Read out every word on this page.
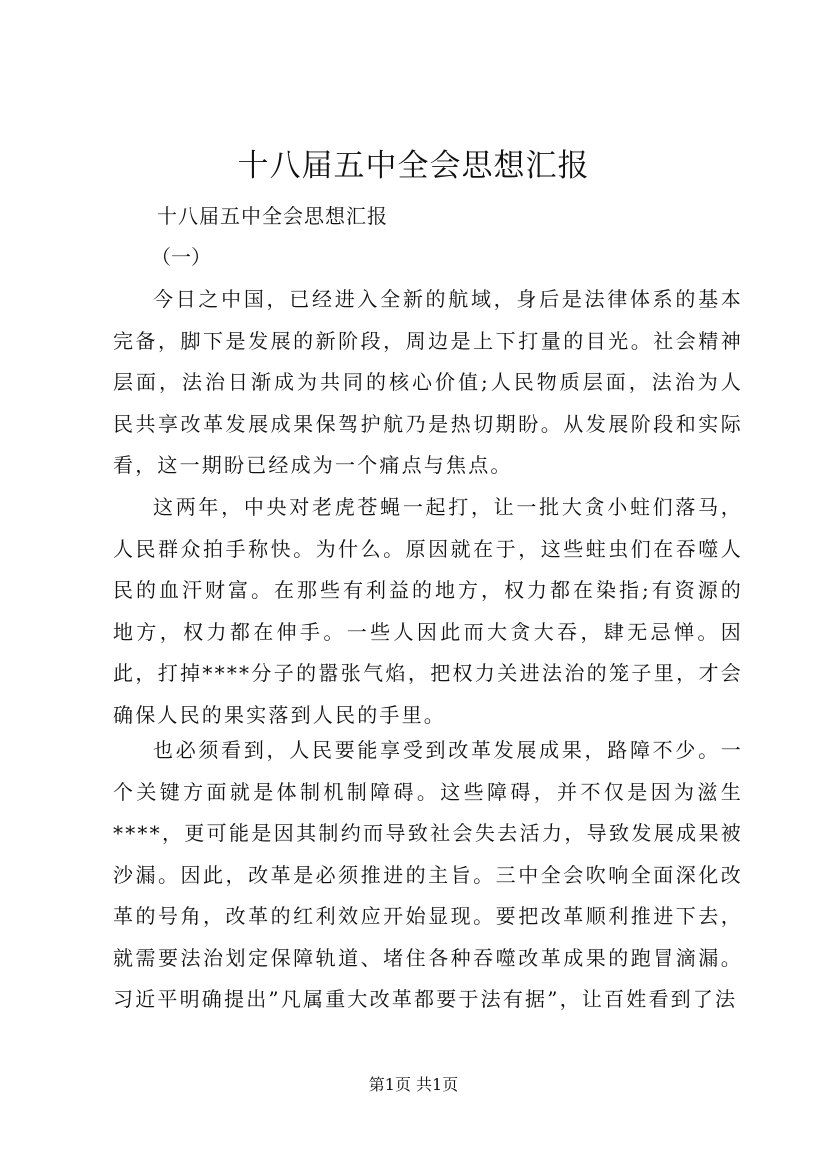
十八届五中全会思想汇报
十八届五中全会思想汇报
（一）

今日之中国，已经进入全新的航域，身后是法律体系的基本完备，脚下是发展的新阶段，周边是上下打量的目光。社会精神层面，法治日渐成为共同的核心价值;人民物质层面，法治为人民共享改革发展成果保驾护航乃是热切期盼。从发展阶段和实际看，这一期盼已经成为一个痛点与焦点。

这两年，中央对老虎苍蝇一起打，让一批大贪小蛀们落马，人民群众拍手称快。为什么。原因就在于，这些蛀虫们在吞噬人民的血汗财富。在那些有利益的地方，权力都在染指;有资源的地方，权力都在伸手。一些人因此而大贪大吞，肆无忌惮。因此，打掉****分子的嚣张气焰，把权力关进法治的笼子里，才会确保人民的果实落到人民的手里。

也必须看到，人民要能享受到改革发展成果，路障不少。一个关键方面就是体制机制障碍。这些障碍，并不仅是因为滋生****，更可能是因其制约而导致社会失去活力，导致发展成果被沙漏。因此，改革是必须推进的主旨。三中全会吹响全面深化改革的号角，改革的红利效应开始显现。要把改革顺利推进下去，就需要法治划定保障轨道、堵住各种吞噬改革成果的跑冒滴漏。习近平明确提出”凡属重大改革都要于法有据”，让百姓看到了法

第1页 共1页
